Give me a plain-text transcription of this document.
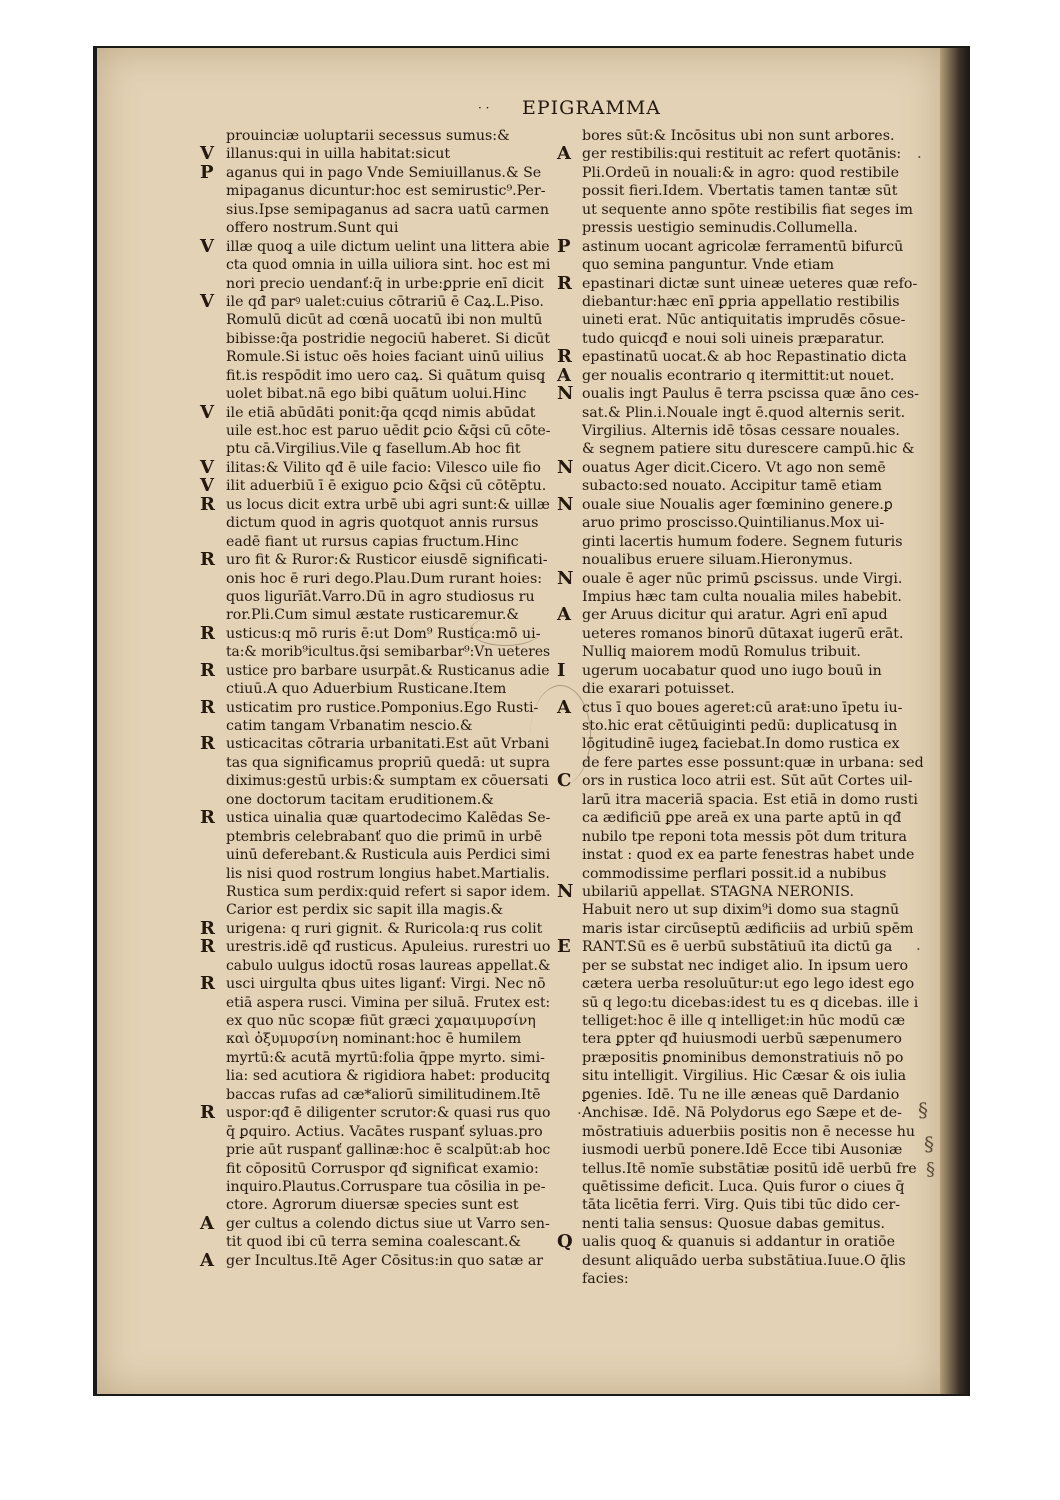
· · EPIGRAMMA
prouinciæ uoluptarii secessus sumus:&
V illanus:qui in uilla habitat:sicut
P aganus qui in pago Vnde Semiuillanus.& Se
mipaganus dicuntur:hoc est semirustic⁹.Per-
sius.Ipse semipaganus ad sacra uatū carmen
offero nostrum.Sunt qui
V illæ quoq̧ a uile dictum uelint una littera abie
cta quod omnia in uilla uiliora sint. hoc est mi
nori precio uendanť:q̄ in urbe:ꝑprie enī dicit
V ile qđ parꝰ ualet:cuius cōtrariū ē Caꝝ.L.Piso.
Romulū dicūt ad cœnā uocatū ibi non multū
bibisse:q̄a postridie negociū haberet. Si dicūt
Romule.Si istuc oēs hoies faciant uinū uilius
fit.is respōdit imo uero caꝝ. Si quātum quisq̧
uolet bibat.nā ego bibi quātum uolui.Hinc
V ile etiā abūdāti ponit:q̄a qcqd nimis abūdat
uile est.hoc est paruo uēdit ꝑcio &q̄si cū cōte-
ptu cā.Virgilius.Vile q̧ fasellum.Ab hoc fit
V ilitas:& Vilito qđ ē uile facio: Vilesco uile fio
V ilit aduerbiū ī ē exiguo ꝑcio &q̄si cū cōtēptu.
R us locus dicit extra urbē ubi agri sunt:& uillæ
dictum quod in agris quotquot annis rursus
eadē fiant ut rursus capias fructum.Hinc
R uro fit & Ruror:& Rusticor eiusdē significati-
onis hoc ē ruri dego.Plau.Dum rurant hoies:
quos ligurīāt.Varro.Dū in agro studiosus ru
ror.Pli.Cum simul æstate rusticaremur.&
R usticus:q mō ruris ē:ut Dom⁹ Rustica:mō ui-
ta:& morib⁹icultus.q̄si semibarbar⁹:Vn ueteres
R ustice pro barbare usurpāt.& Rusticanus adie
ctiuū.A quo Aduerbium Rusticane.Item
R usticatim pro rustice.Pomponius.Ego Rusti-
catim tangam Vrbanatim nescio.&
R usticacitas cōtraria urbanitati.Est aūt Vrbani
tas qua significamus propriū quedā: ut supra
diximus:gestū urbis:& sumptam ex cōuersati
one doctorum tacitam eruditionem.&
R ustica uinalia quæ quartodecimo Kalēdas Se-
ptembris celebrabanť quo die primū in urbē
uinū deferebant.& Rusticula auis Perdici simi
lis nisi quod rostrum longius habet.Martialis.
Rustica sum perdix:quid refert si sapor idem.
Carior est perdix sic sapit illa magis.&
R urigena: q ruri gignit. & Ruricola:q rus colit
R urestris.idē qđ rusticus. Apuleius. rurestri uo
cabulo uulgus idoctū rosas laureas appellat.&
R usci uirgulta qbus uites liganť: Virgi. Nec nō
etiā aspera rusci. Vimina per siluā. Frutex est:
ex quo nūc scopæ fiūt græci χαμαιμυρσίνη
καὶ ὀξυμυρσίνη nominant:hoc ē humilem
myrtū:& acutā myrtū:folia q̄ppe myrto. simi-
lia: sed acutiora & rigidiora habet: producitq̧
baccas rufas ad cæ*aliorū similitudinem.Itē
R uspor:qđ ē diligenter scrutor:& quasi rus quo
q̄ ꝑquiro. Actius. Vacātes ruspanť syluas.pro
prie aūt ruspanť gallinæ:hoc ē scalpūt:ab hoc
fit cōpositū Corruspor qđ significat examio:
inquiro.Plautus.Corruspare tua cōsilia in pe-
ctore. Agrorum diuersæ species sunt est
A ger cultus a colendo dictus siue ut Varro sen-
tit quod ibi cū terra semina coalescant.&
A ger Incultus.Itē Ager Cōsitus:in quo satæ ar
bores sūt:& Incōsitus ubi non sunt arbores.
A ger restibilis:qui restituit ac refert quotānis:
Pli.Ordeū in nouali:& in agro: quod restibile
possit fieri.Idem. Vbertatis tamen tantæ sūt
ut sequente anno spōte restibilis fiat seges im
pressis uestigio seminudis.Collumella.
P astinum uocant agricolæ ferramentū bifurcū
quo semina panguntur. Vnde etiam
R epastinari dictæ sunt uineæ ueteres quæ refo-
diebantur:hæc enī ꝑpria appellatio restibilis
uineti erat. Nūc antiquitatis imprudēs cōsue-
tudo quicqđ e noui soli uineis præparatur.
R epastinatū uocat.& ab hoc Repastinatio dicta
A ger noualis econtrario q itermittit:ut nouet.
N oualis ingt Paulus ē terra pscissa quæ āno ces-
sat.& Plin.i.Nouale ingt ē.quod alternis serit.
Virgilius. Alternis idē tōsas cessare nouales.
& segnem patiere situ durescere campū.hic &
N ouatus Ager dicit.Cicero. Vt ago non semē
subacto:sed nouato. Accipitur tamē etiam
N ouale siue Noualis ager fœminino genere.ꝑ
aruo primo proscisso.Quintilianus.Mox ui-
ginti lacertis humum fodere. Segnem futuris
noualibus eruere siluam.Hieronymus.
N ouale ē ager nūc primū ꝑscissus. unde Virgi.
Impius hæc tam culta noualia miles habebit.
A ger Aruus dicitur qui aratur. Agri enī apud
ueteres romanos binorū dūtaxat iugerū erāt.
Nulliq̧ maiorem modū Romulus tribuit.
I ugerum uocabatur quod uno iugo bouū in
die exarari potuisset.
A ctus ī quo boues ageret:cū araŧ:uno īpetu iu-
sto.hic erat cētūuiginti pedū: duplicatusq̧ in
lōgitudinē iugeꝝ faciebat.In domo rustica ex
de fere partes esse possunt:quæ in urbana: sed
C ors in rustica loco atrii est. Sūt aūt Cortes uil-
larū itra maceriā spacia. Est etiā in domo rusti
ca ædificiū ꝑpe areā ex una parte aptū in qđ
nubilo tpe reponi tota messis pōt dum tritura
instat : quod ex ea parte fenestras habet unde
commodissime perflari possit.id a nubibus
N ubilariū appellaŧ. STAGNA NERONIS.
Habuit nero ut sup dixim⁹i domo sua stagnū
maris istar circūseptū ædificiis ad urbiū spēm
E RANT.Sū es ē uerbū substātiuū ita dictū ga
per se substat nec indiget alio. In ipsum uero
cætera uerba resoluūtur:ut ego lego idest ego
sū q lego:tu dicebas:idest tu es q dicebas. ille i
telliget:hoc ē ille q intelliget:in hūc modū cæ
tera ꝑpter qđ huiusmodi uerbū sæpenumero
præpositis ꝑnominibus demonstratiuis nō po
situ intelligit. Virgilius. Hic Cæsar & ois iulia
ꝑgenies. Idē. Tu ne ille æneas quē Dardanio
Anchisæ. Idē. Nā Polydorus ego Sæpe et de-
mōstratiuis aduerbiis positis non ē necesse hu
iusmodi uerbū ponere.Idē Ecce tibi Ausoniæ
tellus.Itē nomīe substātiæ positū idē uerbū fre
quētissime deficit. Luca. Quis furor o ciues q̄
tāta licētia ferri. Virg. Quis tibi tūc dido cer-
nenti talia sensus: Quosue dabas gemitus.
Q ualis quoq̧ & quanuis si addantur in oratiōe
desunt aliquādo uerba substātiua.Iuue.O q̄lis
facies:
·
·
§
§
§
·
